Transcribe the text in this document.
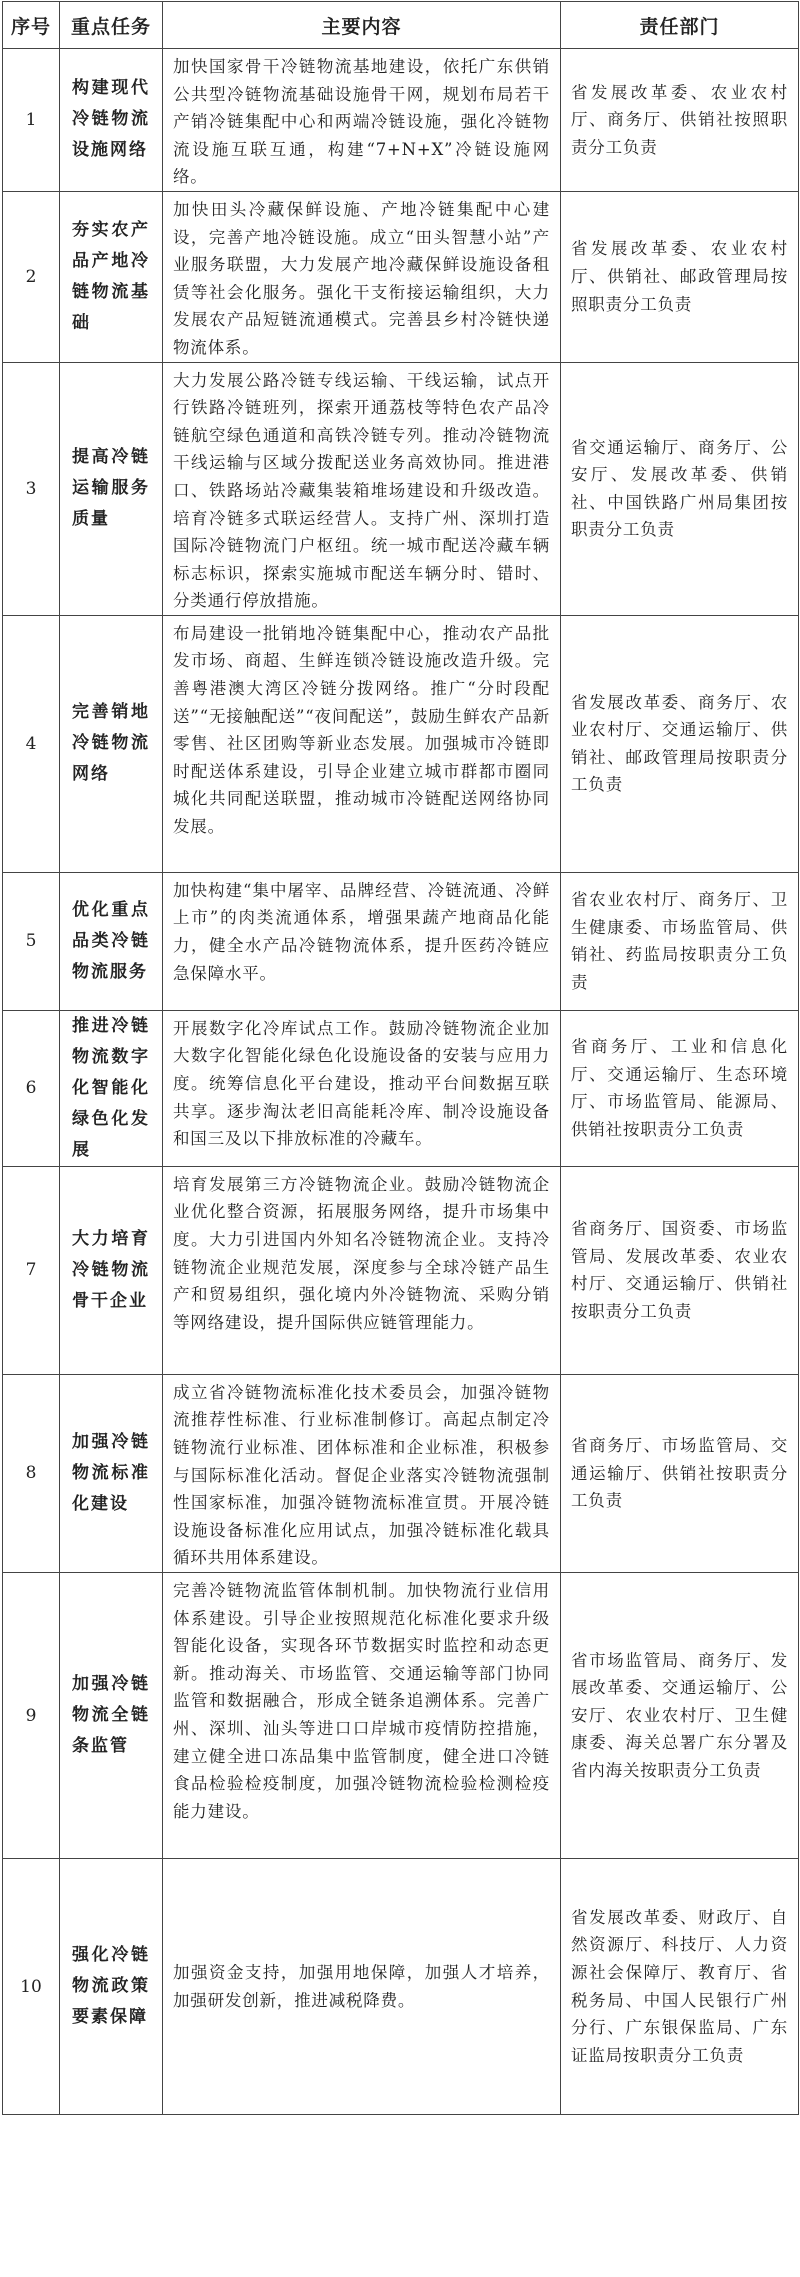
序号	重点任务	主要内容	责任部门
1	构建现代冷链物流设施网络	加快国家骨干冷链物流基地建设，依托广东供销公共型冷链物流基础设施骨干网，规划布局若干产销冷链集配中心和两端冷链设施，强化冷链物流设施互联互通，构建“7+N+X”冷链设施网络。	省发展改革委、农业农村厅、商务厅、供销社按照职责分工负责
2	夯实农产品产地冷链物流基础	加快田头冷藏保鲜设施、产地冷链集配中心建设，完善产地冷链设施。成立“田头智慧小站”产业服务联盟，大力发展产地冷藏保鲜设施设备租赁等社会化服务。强化干支衔接运输组织，大力发展农产品短链流通模式。完善县乡村冷链快递物流体系。	省发展改革委、农业农村厅、供销社、邮政管理局按照职责分工负责
3	提高冷链运输服务质量	大力发展公路冷链专线运输、干线运输，试点开行铁路冷链班列，探索开通荔枝等特色农产品冷链航空绿色通道和高铁冷链专列。推动冷链物流干线运输与区域分拨配送业务高效协同。推进港口、铁路场站冷藏集装箱堆场建设和升级改造。培育冷链多式联运经营人。支持广州、深圳打造国际冷链物流门户枢纽。统一城市配送冷藏车辆标志标识，探索实施城市配送车辆分时、错时、分类通行停放措施。	省交通运输厅、商务厅、公安厅、发展改革委、供销社、中国铁路广州局集团按职责分工负责
4	完善销地冷链物流网络	布局建设一批销地冷链集配中心，推动农产品批发市场、商超、生鲜连锁冷链设施改造升级。完善粤港澳大湾区冷链分拨网络。推广“分时段配送”“无接触配送”“夜间配送”，鼓励生鲜农产品新零售、社区团购等新业态发展。加强城市冷链即时配送体系建设，引导企业建立城市群都市圈同城化共同配送联盟，推动城市冷链配送网络协同发展。	省发展改革委、商务厅、农业农村厅、交通运输厅、供销社、邮政管理局按职责分工负责
5	优化重点品类冷链物流服务	加快构建“集中屠宰、品牌经营、冷链流通、冷鲜上市”的肉类流通体系，增强果蔬产地商品化能力，健全水产品冷链物流体系，提升医药冷链应急保障水平。	省农业农村厅、商务厅、卫生健康委、市场监管局、供销社、药监局按职责分工负责
6	推进冷链物流数字化智能化绿色化发展	开展数字化冷库试点工作。鼓励冷链物流企业加大数字化智能化绿色化设施设备的安装与应用力度。统筹信息化平台建设，推动平台间数据互联共享。逐步淘汰老旧高能耗冷库、制冷设施设备和国三及以下排放标准的冷藏车。	省商务厅、工业和信息化厅、交通运输厅、生态环境厅、市场监管局、能源局、供销社按职责分工负责
7	大力培育冷链物流骨干企业	培育发展第三方冷链物流企业。鼓励冷链物流企业优化整合资源，拓展服务网络，提升市场集中度。大力引进国内外知名冷链物流企业。支持冷链物流企业规范发展，深度参与全球冷链产品生产和贸易组织，强化境内外冷链物流、采购分销等网络建设，提升国际供应链管理能力。	省商务厅、国资委、市场监管局、发展改革委、农业农村厅、交通运输厅、供销社按职责分工负责
8	加强冷链物流标准化建设	成立省冷链物流标准化技术委员会，加强冷链物流推荐性标准、行业标准制修订。高起点制定冷链物流行业标准、团体标准和企业标准，积极参与国际标准化活动。督促企业落实冷链物流强制性国家标准，加强冷链物流标准宣贯。开展冷链设施设备标准化应用试点，加强冷链标准化载具循环共用体系建设。	省商务厅、市场监管局、交通运输厅、供销社按职责分工负责
9	加强冷链物流全链条监管	完善冷链物流监管体制机制。加快物流行业信用体系建设。引导企业按照规范化标准化要求升级智能化设备，实现各环节数据实时监控和动态更新。推动海关、市场监管、交通运输等部门协同监管和数据融合，形成全链条追溯体系。完善广州、深圳、汕头等进口口岸城市疫情防控措施，建立健全进口冻品集中监管制度，健全进口冷链食品检验检疫制度，加强冷链物流检验检测检疫能力建设。	省市场监管局、商务厅、发展改革委、交通运输厅、公安厅、农业农村厅、卫生健康委、海关总署广东分署及省内海关按职责分工负责
10	强化冷链物流政策要素保障	加强资金支持，加强用地保障，加强人才培养，加强研发创新，推进减税降费。	省发展改革委、财政厅、自然资源厅、科技厅、人力资源社会保障厅、教育厅、省税务局、中国人民银行广州分行、广东银保监局、广东证监局按职责分工负责
